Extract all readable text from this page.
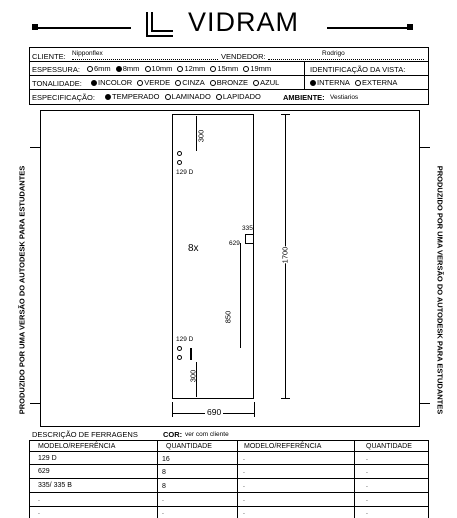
VIDRAM
CLIENTE: Nipponflex	VENDEDOR:	Rodrigo
ESPESSURA:	6mm 8mm 10mm 12mm 15mm 19mm	IDENTIFICAÇÃO DA VISTA:
TONALIDADE:	INCOLOR VERDE CINZA BRONZE AZUL	INTERNA EXTERNA
ESPECIFICAÇÃO:	TEMPERADO LAMINADO LAPIDADO	AMBIENTE: Vestiarios
PRODUZIDO POR UMA VERSÃO DO AUTODESK PARA ESTUDANTES	PRODUZIDO POR UMA VERSÃO DO AUTODESK PARA ESTUDANTES
300
129 D
8x
335
629
850
129 D
300
1700
690
DESCRIÇÃO DE FERRAGENS	COR: ver com cliente
MODELO/REFERÊNCIA	QUANTIDADE	MODELO/REFERÊNCIA	QUANTIDADE
129 D	16	.	.
629	8	.	.
335/ 335 B	8	.	.
.	.	.	.
.	.	.	.
